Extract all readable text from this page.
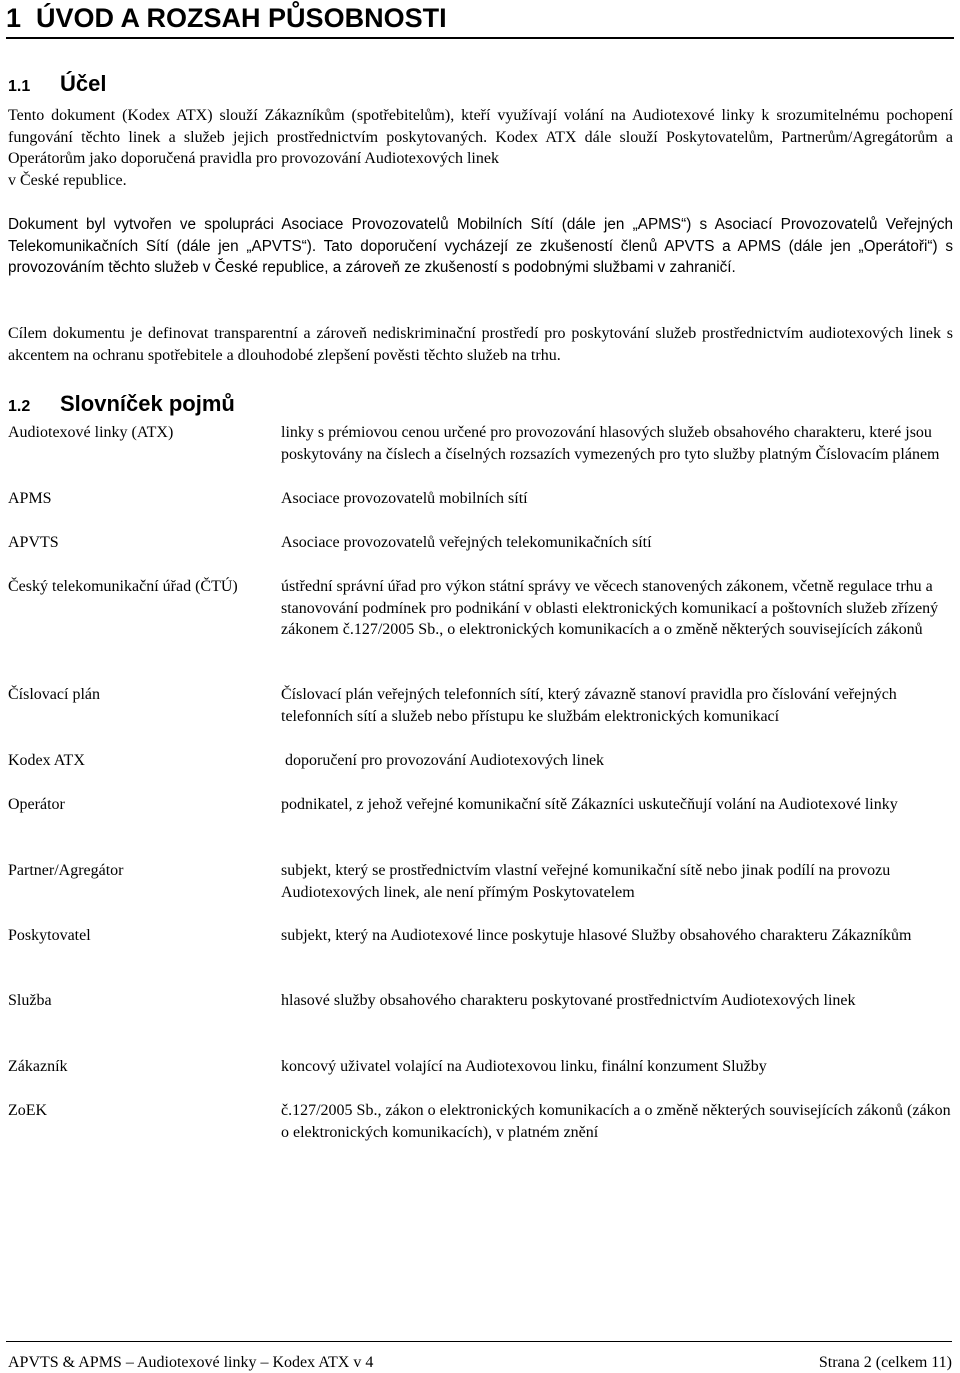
1 ÚVOD A ROZSAH PŮSOBNOSTI
1.1 Účel

Tento dokument (Kodex ATX) slouží Zákazníkům (spotřebitelům), kteří využívají volání na Audiotexové linky k srozumitelnému pochopení fungování těchto linek a služeb jejich prostřednictvím poskytovaných. Kodex ATX dále slouží Poskytovatelům, Partnerům/Agregátorům a Operátorům jako doporučená pravidla pro provozování Audiotexových linek
v České republice.

Dokument byl vytvořen ve spolupráci Asociace Provozovatelů Mobilních Sítí (dále jen „APMS“) s Asociací Provozovatelů Veřejných Telekomunikačních Sítí (dále jen „APVTS“). Tato doporučení vycházejí ze zkušeností členů APVTS a APMS (dále jen „Operátoři“) s provozováním těchto služeb v České republice, a zároveň ze zkušeností s podobnými službami v zahraničí.

Cílem dokumentu je definovat transparentní a zároveň nediskriminační prostředí pro poskytování služeb prostřednictvím audiotexových linek s akcentem na ochranu spotřebitele a dlouhodobé zlepšení pověsti těchto služeb na trhu.

1.2 Slovníček pojmů
Audiotexové linky (ATX)	linky s prémiovou cenou určené pro provozování hlasových služeb obsahového charakteru, které jsou poskytovány na číslech a číselných rozsazích vymezených pro tyto služby platným Číslovacím plánem
APMS	Asociace provozovatelů mobilních sítí
APVTS	Asociace provozovatelů veřejných telekomunikačních sítí
Český telekomunikační úřad (ČTÚ)	ústřední správní úřad pro výkon státní správy ve věcech stanovených zákonem, včetně regulace trhu a stanovování podmínek pro podnikání v oblasti elektronických komunikací a poštovních služeb zřízený zákonem č.127/2005 Sb., o elektronických komunikacích a o změně některých souvisejících zákonů
Číslovací plán	Číslovací plán veřejných telefonních sítí, který závazně stanoví pravidla pro číslování veřejných telefonních sítí a služeb nebo přístupu ke službám elektronických komunikací
Kodex ATX	doporučení pro provozování Audiotexových linek
Operátor	podnikatel, z jehož veřejné komunikační sítě Zákazníci uskutečňují volání na Audiotexové linky
Partner/Agregátor	subjekt, který se prostřednictvím vlastní veřejné komunikační sítě nebo jinak podílí na provozu Audiotexových linek, ale není přímým Poskytovatelem
Poskytovatel	subjekt, který na Audiotexové lince poskytuje hlasové Služby obsahového charakteru Zákazníkům
Služba	hlasové služby obsahového charakteru poskytované prostřednictvím Audiotexových linek
Zákazník	koncový uživatel volající na Audiotexovou linku, finální konzument Služby
ZoEK	č.127/2005 Sb., zákon o elektronických komunikacích a o změně některých souvisejících zákonů (zákon o elektronických komunikacích), v platném znění
APVTS & APMS – Audiotexové linky – Kodex ATX v 4	Strana 2 (celkem 11)
